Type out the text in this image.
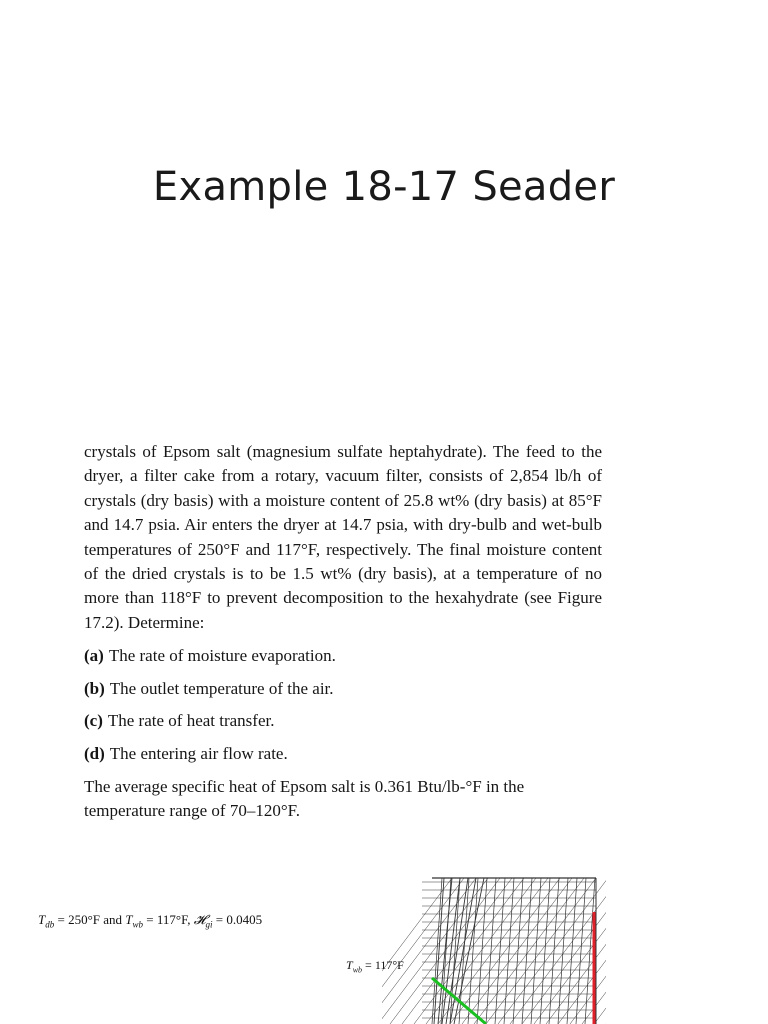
Example 18-17 Seader

crystals of Epsom salt (magnesium sulfate heptahydrate). The feed to the dryer, a filter cake from a rotary, vacuum filter, consists of 2,854 lb/h of crystals (dry basis) with a moisture content of 25.8 wt% (dry basis) at 85°F and 14.7 psia. Air enters the dryer at 14.7 psia, with dry-bulb and wet-bulb temperatures of 250°F and 117°F, respectively. The final moisture content of the dried crystals is to be 1.5 wt% (dry basis), at a temperature of no more than 118°F to prevent decomposition to the hexahydrate (see Figure 17.2). Determine:

(a) The rate of moisture evaporation.
(b) The outlet temperature of the air.
(c) The rate of heat transfer.
(d) The entering air flow rate.

The average specific heat of Epsom salt is 0.361 Btu/lb-°F in the temperature range of 70–120°F.

$T_{db} = 250^\circ F$ and $T_{wb} = 117^\circ F$, 𝓗$_{gi}$ = 0.0405
$T_{wb} = 117^\circ F$
